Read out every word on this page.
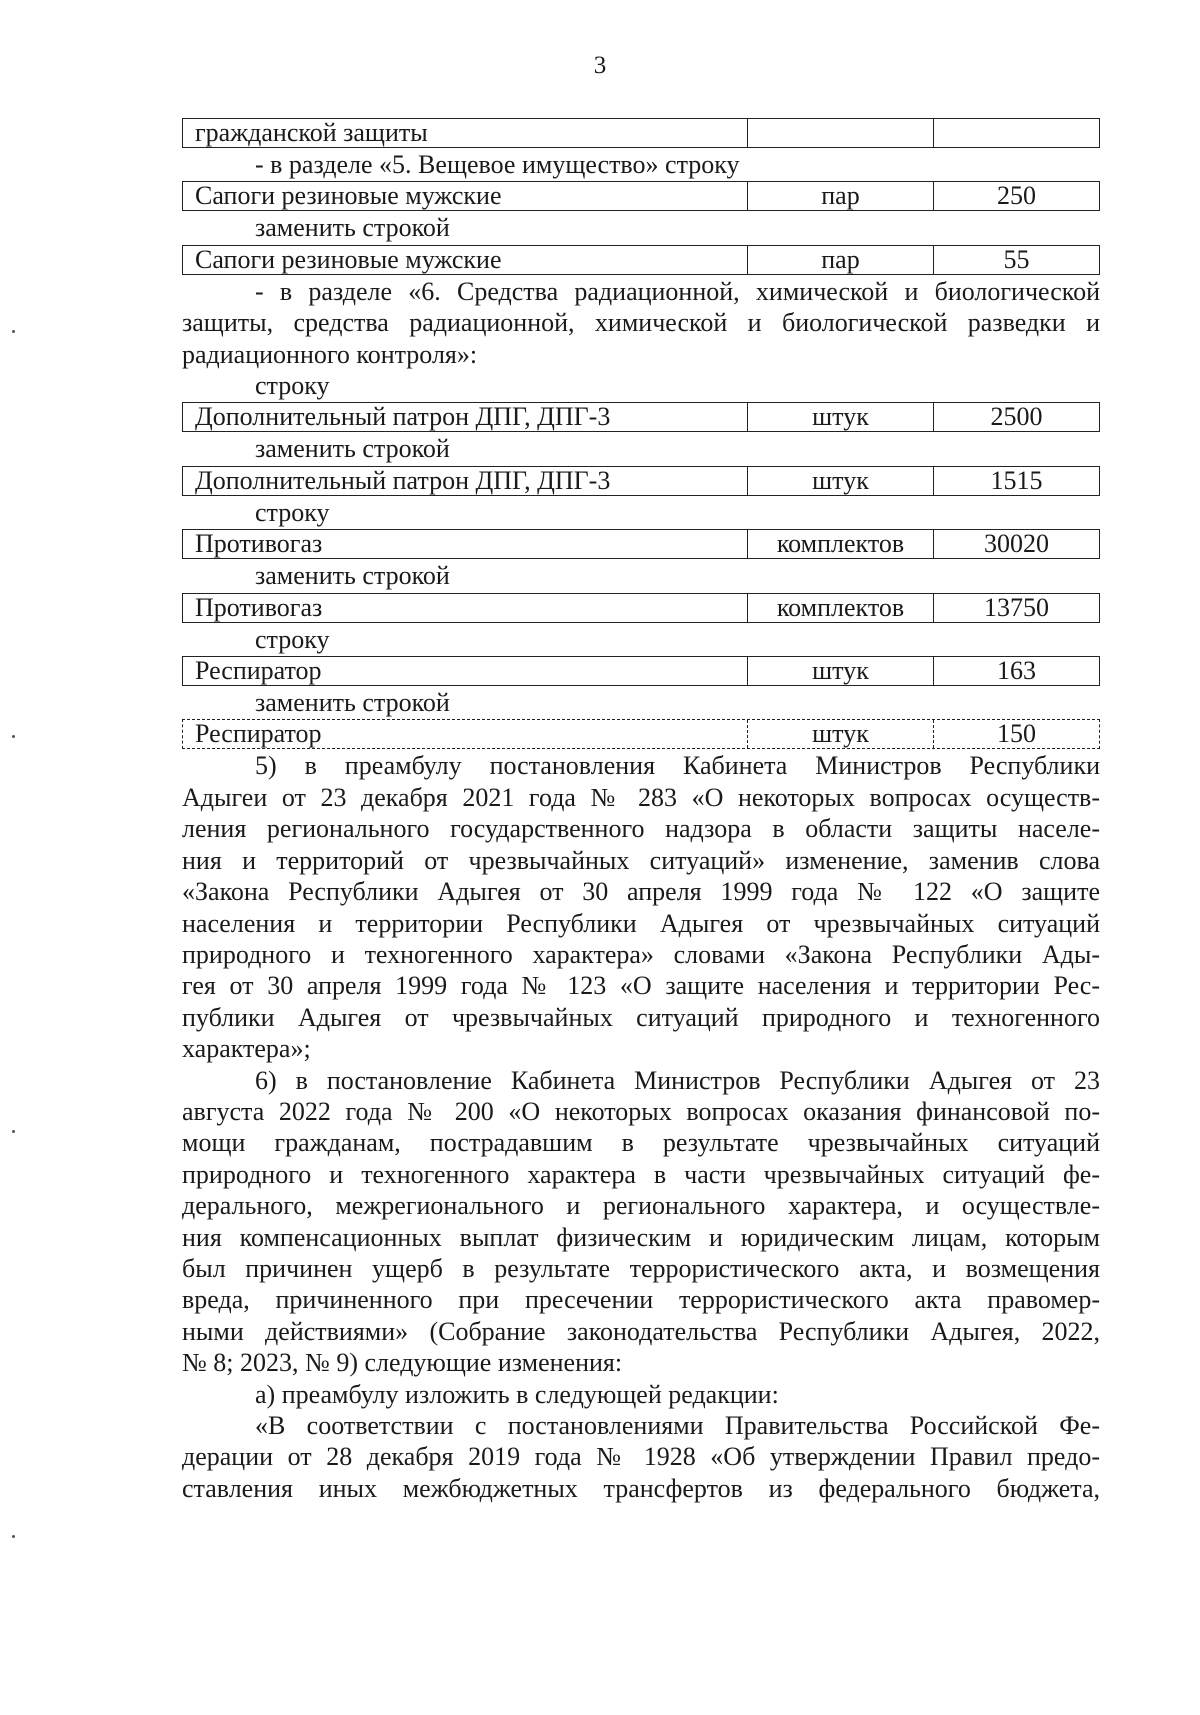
3
гражданской защиты
- в разделе «5. Вещевое имущество» строку
Сапоги резиновые мужские	пар	250
заменить строкой
Сапоги резиновые мужские	пар	55
- в разделе «6. Средства радиационной, химической и биологической
защиты, средства радиационной, химической и биологической разведки и
радиационного контроля»:
строку
Дополнительный патрон ДПГ, ДПГ-3	штук	2500
заменить строкой
Дополнительный патрон ДПГ, ДПГ-3	штук	1515
строку
Противогаз	комплектов	30020
заменить строкой
Противогаз	комплектов	13750
строку
Респиратор	штук	163
заменить строкой
Респиратор	штук	150
5) в преамбулу постановления Кабинета Министров Республики
Адыгеи от 23 декабря 2021 года № 283 «О некоторых вопросах осуществ-
ления регионального государственного надзора в области защиты населе-
ния и территорий от чрезвычайных ситуаций» изменение, заменив слова
«Закона Республики Адыгея от 30 апреля 1999 года № 122 «О защите
населения и территории Республики Адыгея от чрезвычайных ситуаций
природного и техногенного характера» словами «Закона Республики Ады-
гея от 30 апреля 1999 года № 123 «О защите населения и территории Рес-
публики Адыгея от чрезвычайных ситуаций природного и техногенного
характера»;
6) в постановление Кабинета Министров Республики Адыгея от 23
августа 2022 года № 200 «О некоторых вопросах оказания финансовой по-
мощи гражданам, пострадавшим в результате чрезвычайных ситуаций
природного и техногенного характера в части чрезвычайных ситуаций фе-
дерального, межрегионального и регионального характера, и осуществле-
ния компенсационных выплат физическим и юридическим лицам, которым
был причинен ущерб в результате террористического акта, и возмещения
вреда, причиненного при пресечении террористического акта правомер-
ными действиями» (Собрание законодательства Республики Адыгея, 2022,
№ 8; 2023, № 9) следующие изменения:
а) преамбулу изложить в следующей редакции:
«В соответствии с постановлениями Правительства Российской Фе-
дерации от 28 декабря 2019 года № 1928 «Об утверждении Правил предо-
ставления иных межбюджетных трансфертов из федерального бюджета,
